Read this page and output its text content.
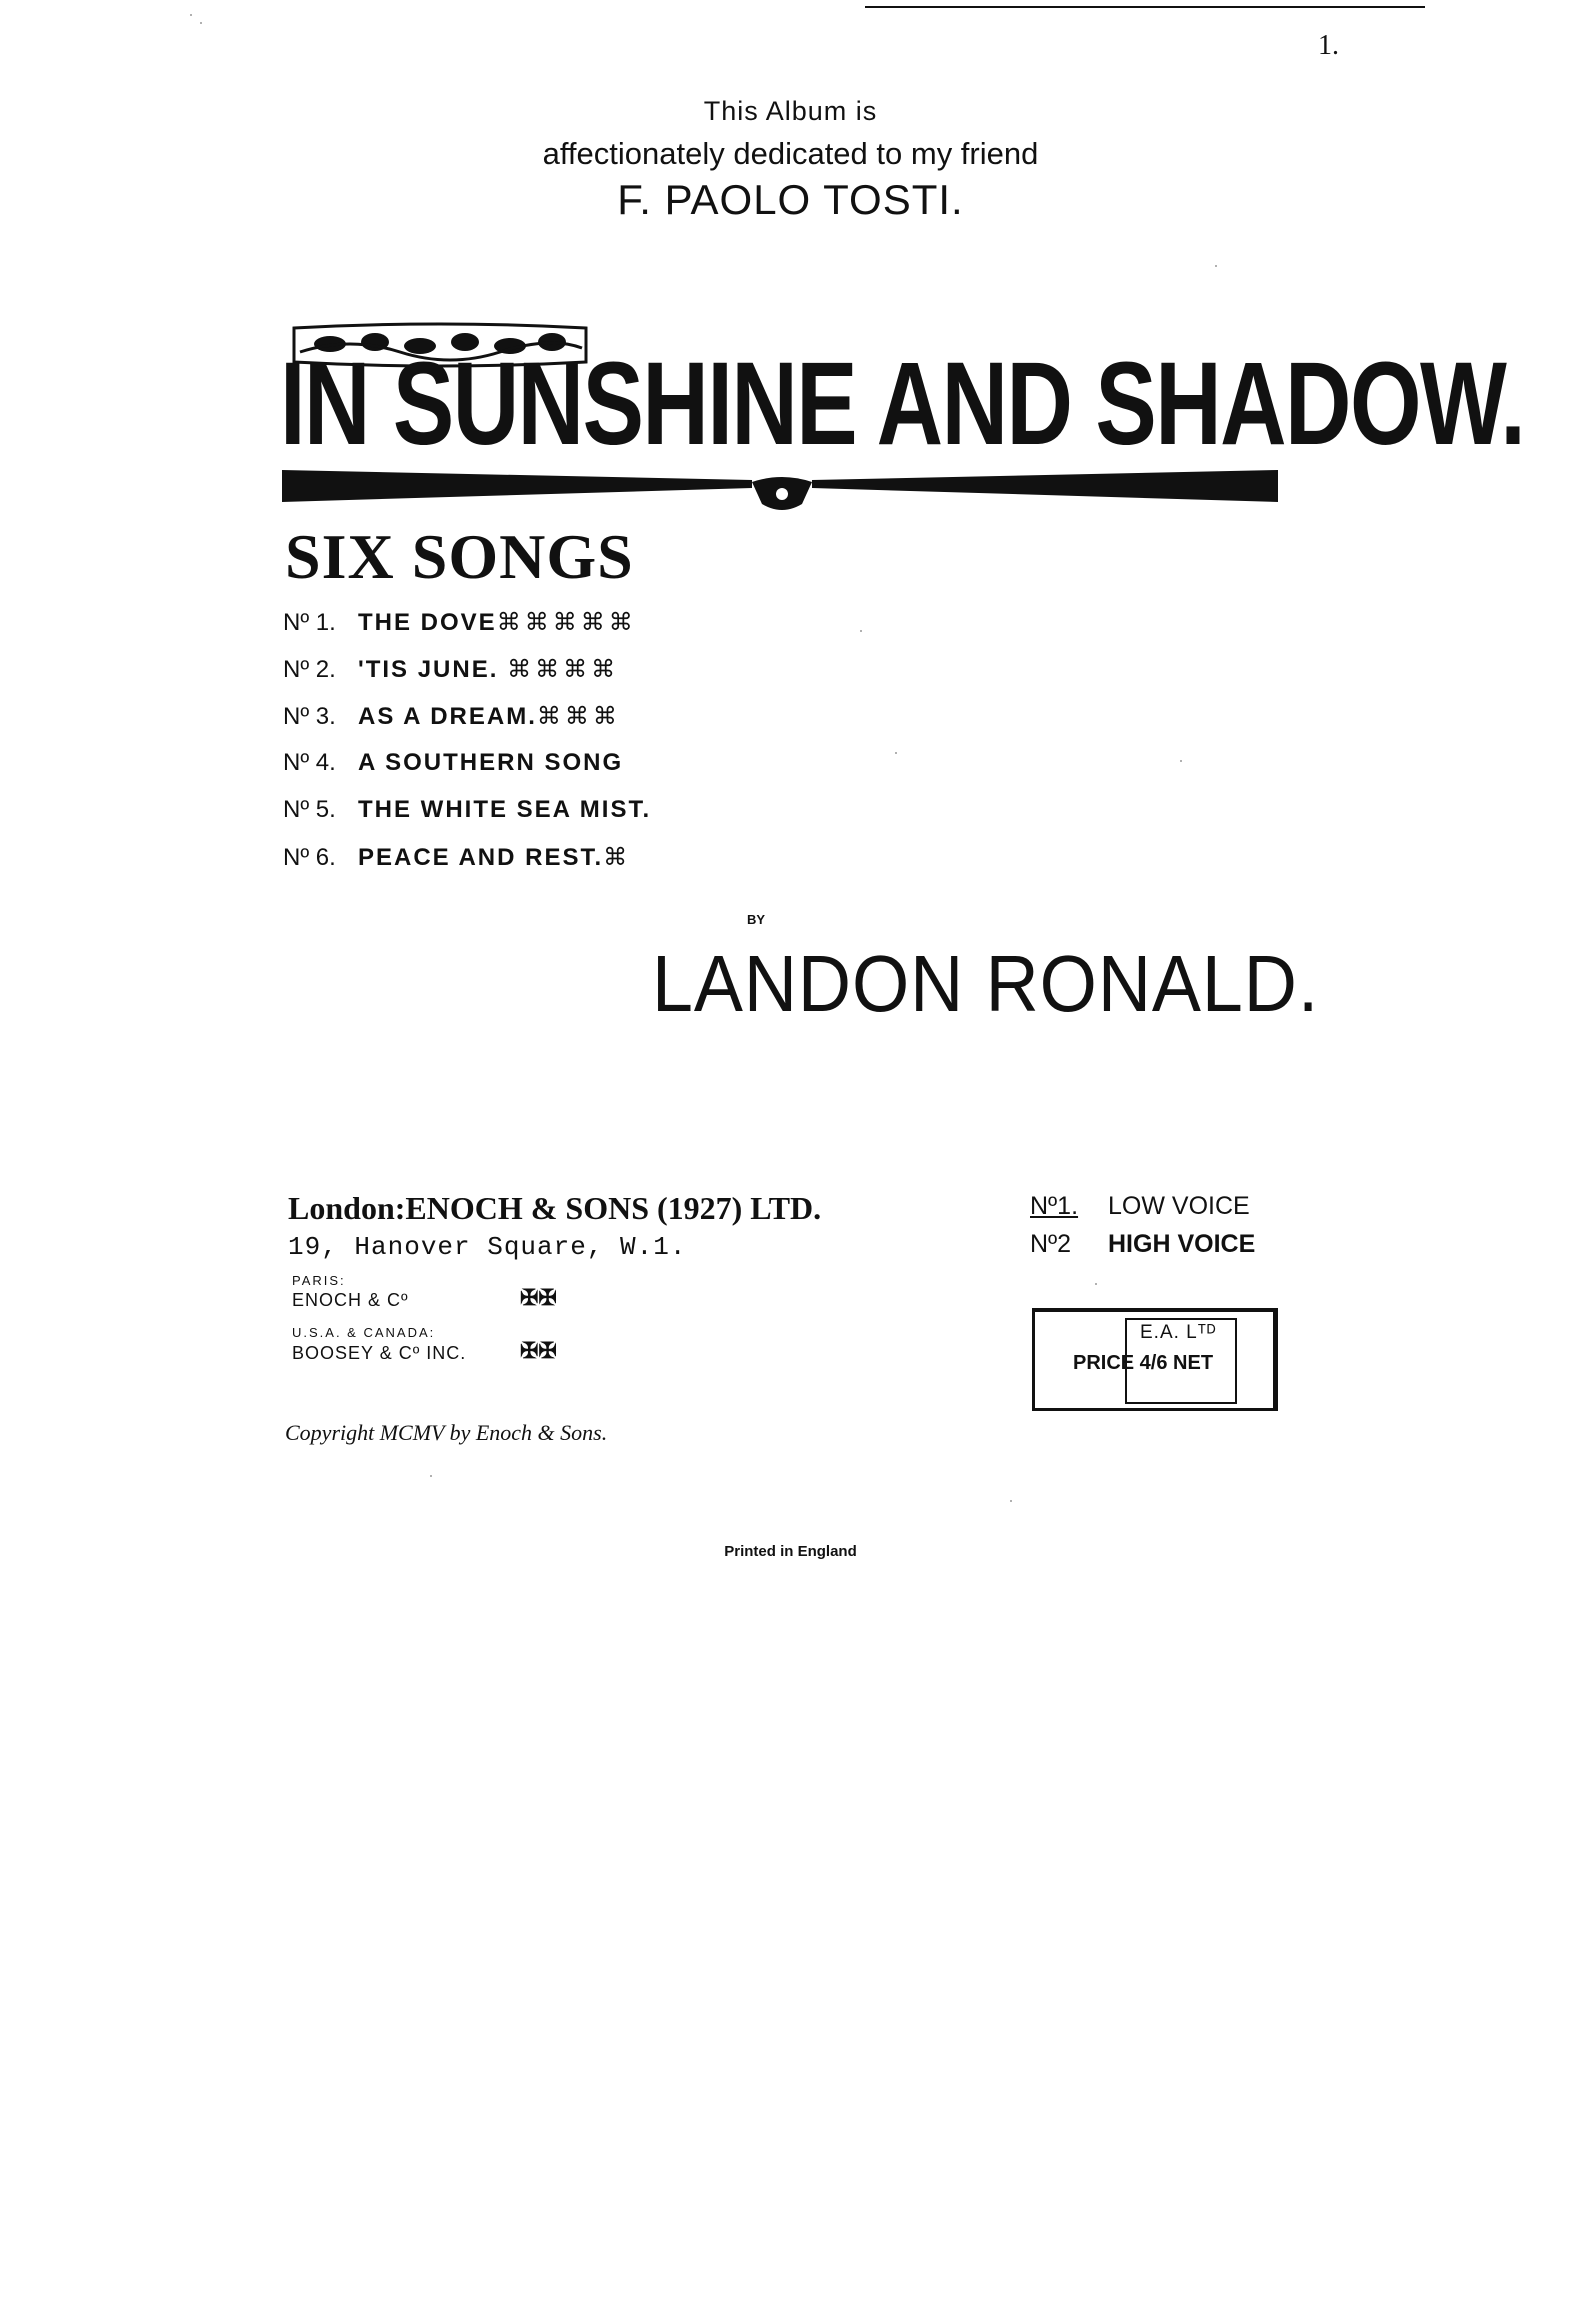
1.
This Album is
affectionately dedicated to my friend
F. PAOLO TOSTI.
IN SUNSHINE AND SHADOW.
SIX SONGS
Nº 1. THE DOVE⌘⌘⌘⌘⌘
Nº 2. 'TIS JUNE. ⌘⌘⌘⌘
Nº 3. AS A DREAM.⌘⌘⌘
Nº 4. A SOUTHERN SONG
Nº 5. THE WHITE SEA MIST.
Nº 6. PEACE AND REST.⌘
BY
LANDON RONALD.
London:ENOCH & SONS (1927) LTD.
19, Hanover Square, W.1.
PARIS:
ENOCH & Cº	✠✠
U.S.A. & CANADA:
BOOSEY & Cº INC. ✠✠
Copyright MCMV by Enoch & Sons.
Printed in England
Nº1. LOW VOICE
Nº2 HIGH VOICE
E.A. Lᵀᴰ
PRICE 4/6 NET
